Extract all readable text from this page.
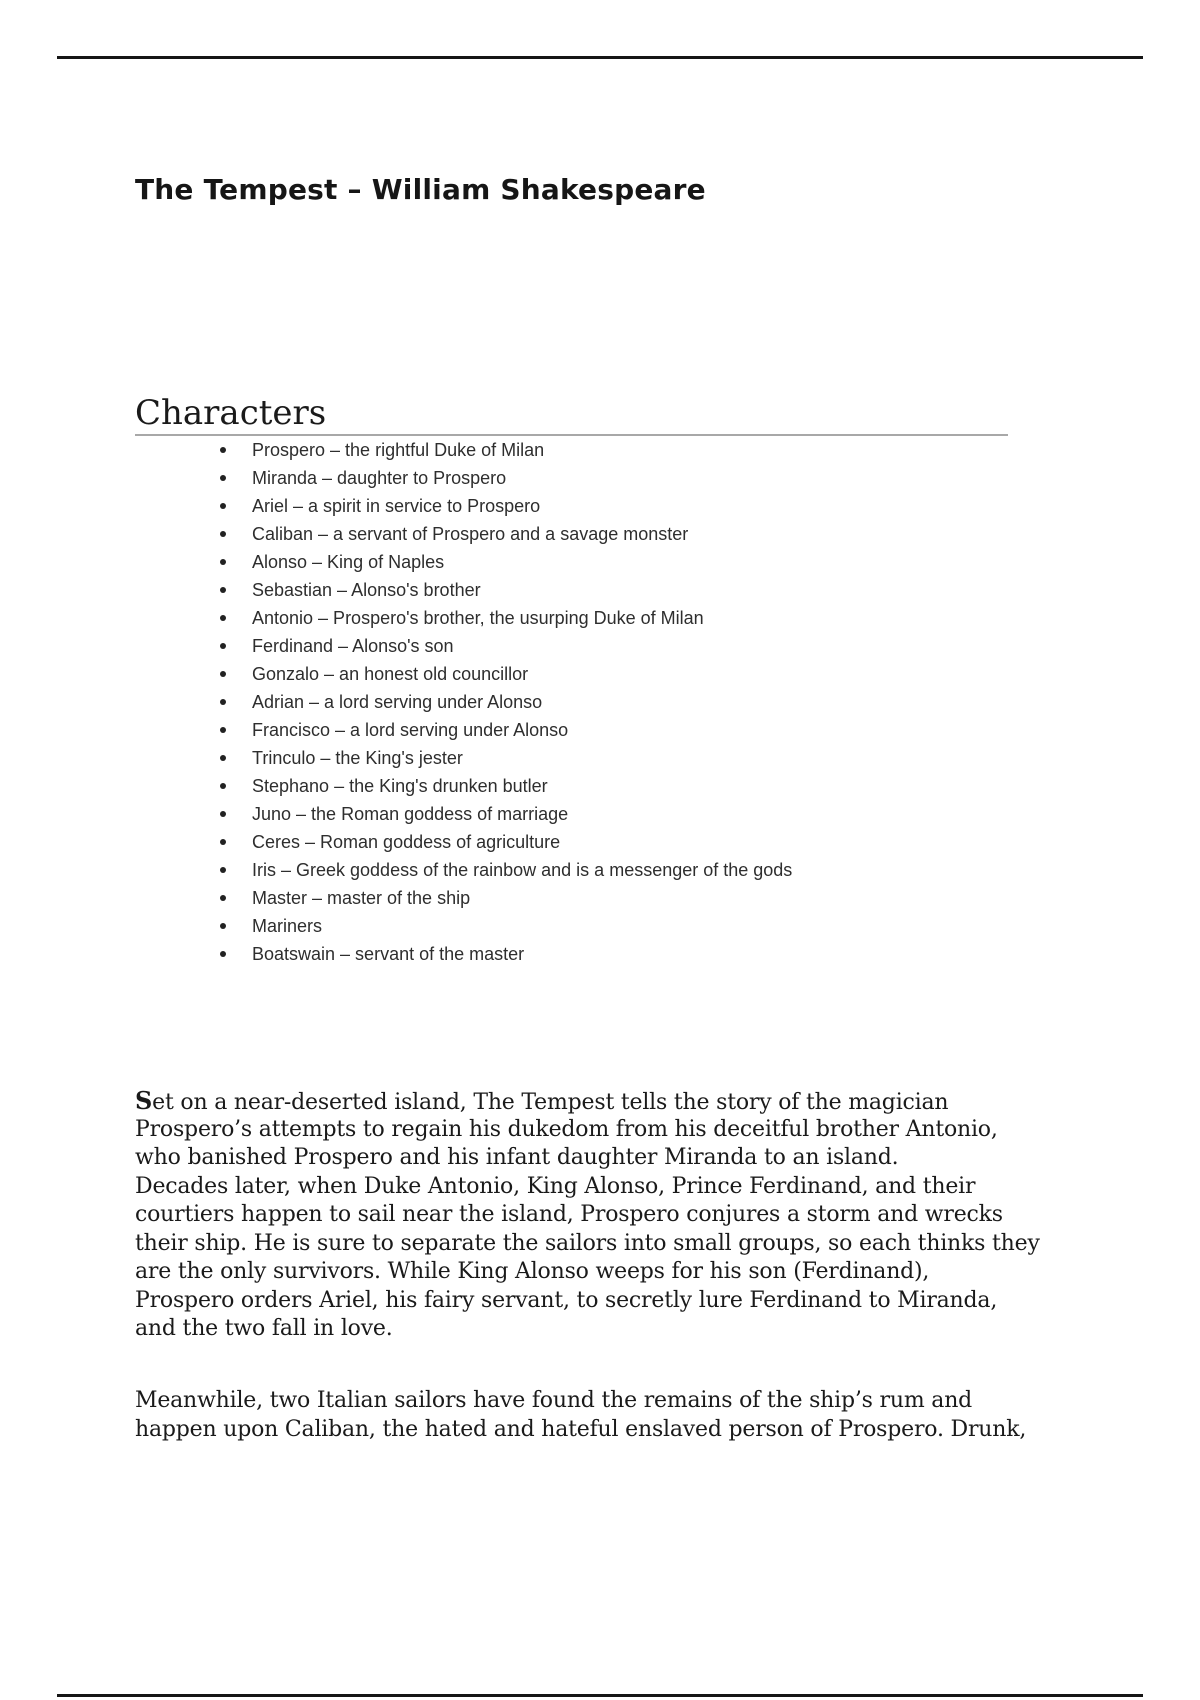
The Tempest – William Shakespeare
Characters
Prospero – the rightful Duke of Milan
Miranda – daughter to Prospero
Ariel – a spirit in service to Prospero
Caliban – a servant of Prospero and a savage monster
Alonso – King of Naples
Sebastian – Alonso's brother
Antonio – Prospero's brother, the usurping Duke of Milan
Ferdinand – Alonso's son
Gonzalo – an honest old councillor
Adrian – a lord serving under Alonso
Francisco – a lord serving under Alonso
Trinculo – the King's jester
Stephano – the King's drunken butler
Juno – the Roman goddess of marriage
Ceres – Roman goddess of agriculture
Iris – Greek goddess of the rainbow and is a messenger of the gods
Master – master of the ship
Mariners
Boatswain – servant of the master
Set on a near-deserted island, The Tempest tells the story of the magician
Prospero’s attempts to regain his dukedom from his deceitful brother Antonio,
who banished Prospero and his infant daughter Miranda to an island.
Decades later, when Duke Antonio, King Alonso, Prince Ferdinand, and their
courtiers happen to sail near the island, Prospero conjures a storm and wrecks
their ship. He is sure to separate the sailors into small groups, so each thinks they
are the only survivors. While King Alonso weeps for his son (Ferdinand),
Prospero orders Ariel, his fairy servant, to secretly lure Ferdinand to Miranda,
and the two fall in love.
Meanwhile, two Italian sailors have found the remains of the ship’s rum and
happen upon Caliban, the hated and hateful enslaved person of Prospero. Drunk,
